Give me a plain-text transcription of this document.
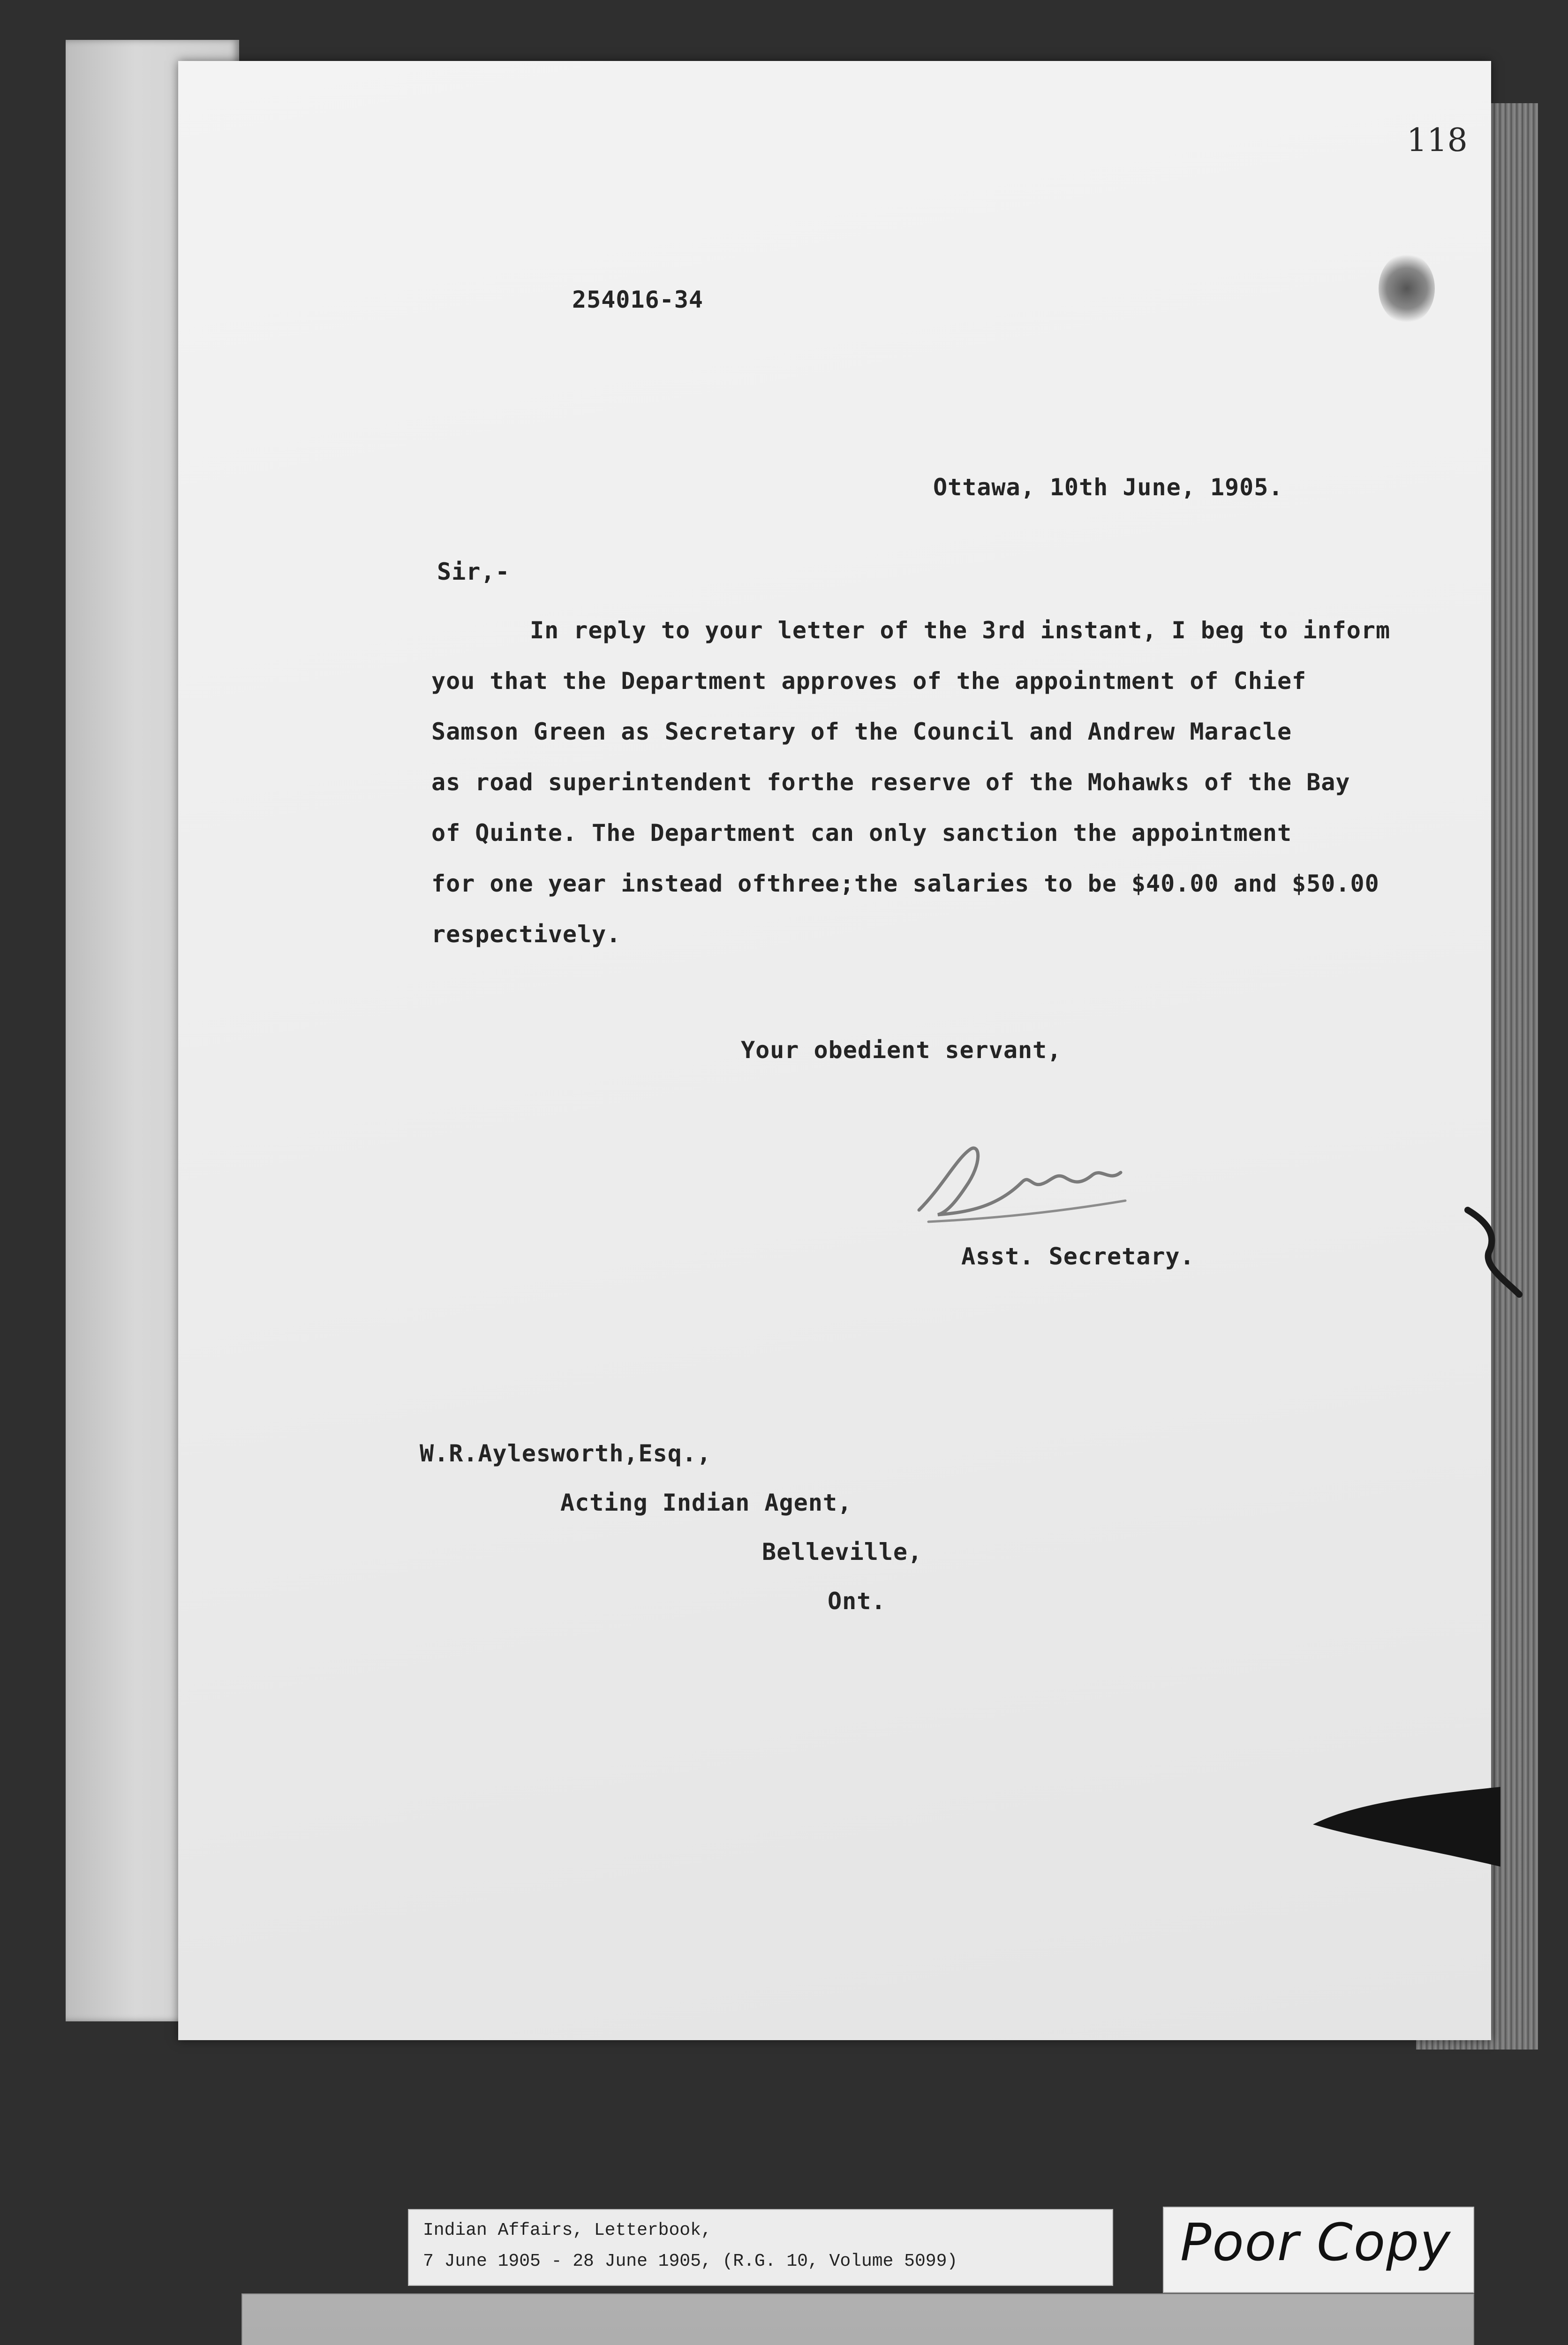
118
254016-34
Ottawa, 10th June, 1905.
Sir,-
In reply to your letter of the 3rd instant, I beg to inform
you that the Department approves of the appointment of Chief
Samson Green as Secretary of the Council and Andrew Maracle
as road superintendent forthe reserve of the Mohawks of the Bay
of Quinte. The Department can only sanction the appointment
for one year instead ofthree;the salaries to be $40.00 and $50.00
respectively.
Your obedient servant,
Asst. Secretary.
W.R.Aylesworth,Esq.,
Acting Indian Agent,
Belleville,
Ont.
Indian Affairs, Letterbook,
7 June 1905 - 28 June 1905, (R.G. 10, Volume 5099)	Poor Copy
